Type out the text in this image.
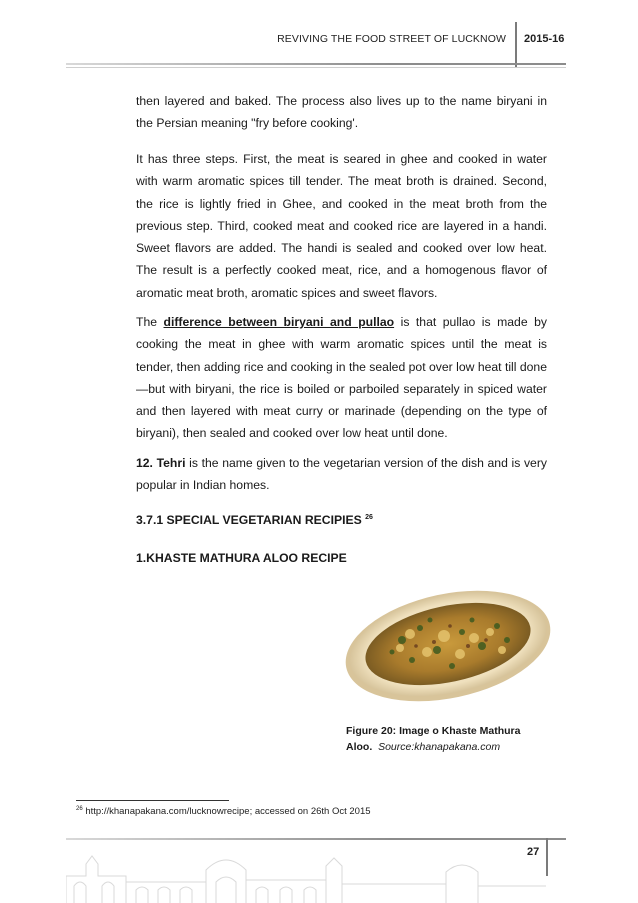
REVIVING THE FOOD STREET OF LUCKNOW 2015-16

then layered and baked. The process also lives up to the name biryani in the Persian meaning "fry before cooking'.

It has three steps. First, the meat is seared in ghee and cooked in water with warm aromatic spices till tender. The meat broth is drained. Second, the rice is lightly fried in Ghee, and cooked in the meat broth from the previous step. Third, cooked meat and cooked rice are layered in a handi. Sweet flavors are added. The handi is sealed and cooked over low heat. The result is a perfectly cooked meat, rice, and a homogenous flavor of aromatic meat broth, aromatic spices and sweet flavors.

The difference between biryani and pullao is that pullao is made by cooking the meat in ghee with warm aromatic spices until the meat is tender, then adding rice and cooking in the sealed pot over low heat till done—but with biryani, the rice is boiled or parboiled separately in spiced water and then layered with meat curry or marinade (depending on the type of biryani), then sealed and cooked over low heat until done.

12. Tehri is the name given to the vegetarian version of the dish and is very popular in Indian homes.

3.7.1 SPECIAL VEGETARIAN RECIPIES $^{26}$
1.KHASTE MATHURA ALOO RECIPE
Figure 20: Image o Khaste Mathura Aloo. Source:khanapakana.com
$^{26}$ http://khanapakana.com/lucknowrecipe; accessed on 26th Oct 2015
27
